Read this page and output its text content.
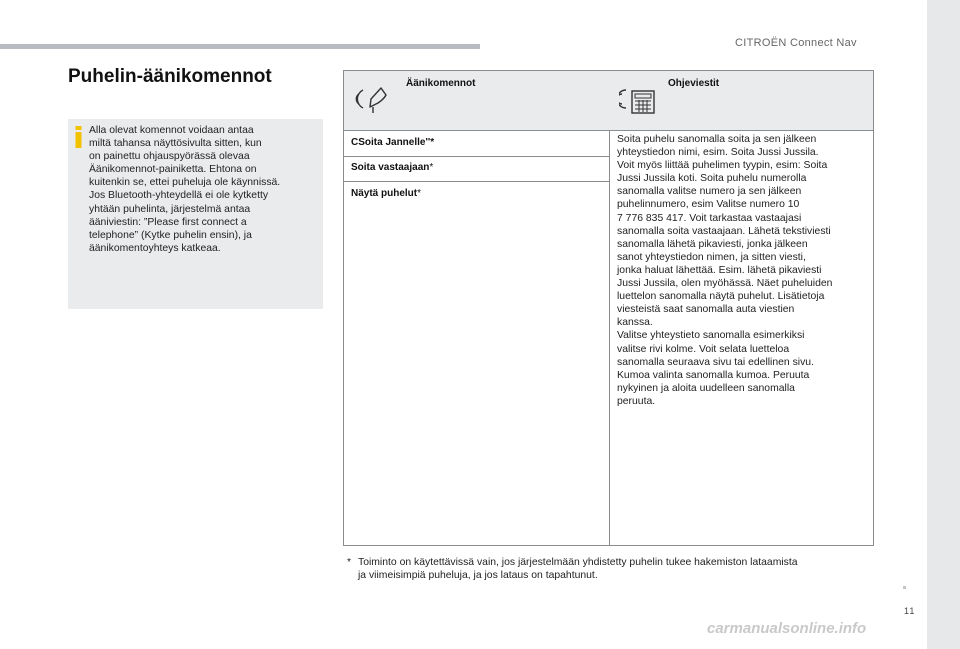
CITROËN Connect Nav
Puhelin-äänikomennot
Alla olevat komennot voidaan antaa
miltä tahansa näyttösivulta sitten, kun
on painettu ohjauspyörässä olevaa
Äänikomennot-painiketta. Ehtona on
kuitenkin se, ettei puheluja ole käynnissä.
Jos Bluetooth-yhteydellä ei ole kytketty
yhtään puhelinta, järjestelmä antaa
ääniviestin: ”Please first connect a
telephone” (Kytke puhelin ensin), ja
äänikomentoyhteys katkeaa.
Äänikomennot	Ohjeviestit
CSoita Jannelle''*
Soita vastaajaan*
Näytä puhelut*
Soita puhelu sanomalla soita ja sen jälkeen
yhteystiedon nimi, esim. Soita Jussi Jussila.
Voit myös liittää puhelimen tyypin, esim: Soita
Jussi Jussila koti. Soita puhelu numerolla
sanomalla valitse numero ja sen jälkeen
puhelinnumero, esim Valitse numero 10
7 776 835 417. Voit tarkastaa vastaajasi
sanomalla soita vastaajaan. Lähetä tekstiviesti
sanomalla lähetä pikaviesti, jonka jälkeen
sanot yhteystiedon nimen, ja sitten viesti,
jonka haluat lähettää. Esim. lähetä pikaviesti
Jussi Jussila, olen myöhässä. Näet puheluiden
luettelon sanomalla näytä puhelut. Lisätietoja
viesteistä saat sanomalla auta viestien
kanssa.
Valitse yhteystieto sanomalla esimerkiksi
valitse rivi kolme. Voit selata luetteloa
sanomalla seuraava sivu tai edellinen sivu.
Kumoa valinta sanomalla kumoa. Peruuta
nykyinen ja aloita uudelleen sanomalla
peruuta.
* Toiminto on käytettävissä vain, jos järjestelmään yhdistetty puhelin tukee hakemiston lataamista
ja viimeisimpiä puheluja, ja jos lataus on tapahtunut.
11
carmanualsonline.info
